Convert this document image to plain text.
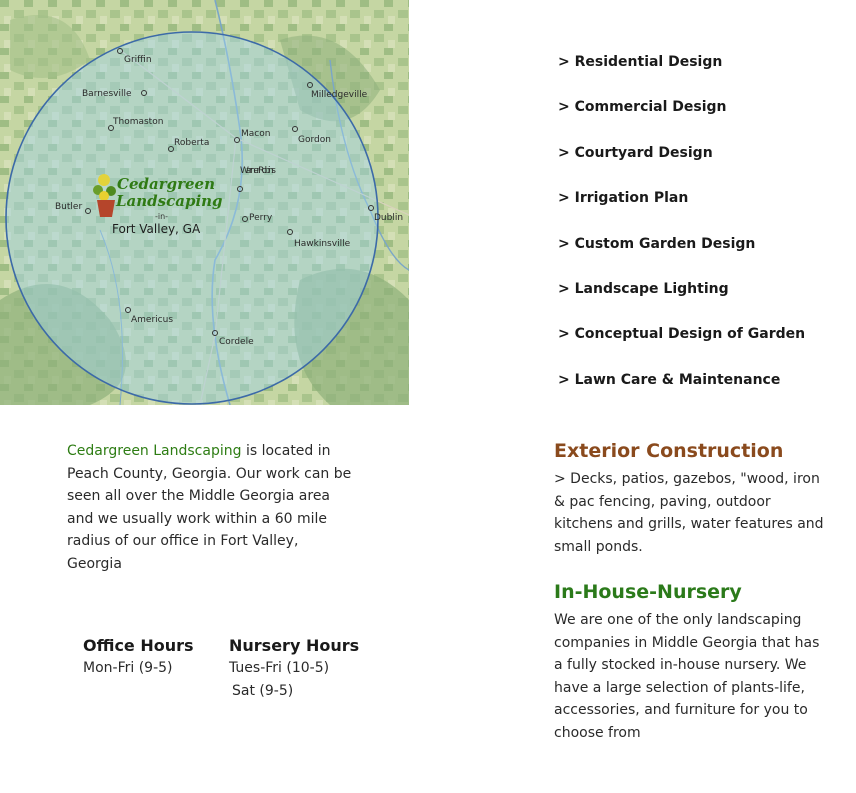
Griffin
Barnesville
Thomaston
Roberta
Macon
Gordon
Milledgeville
Warner Robins
Butler
Perry	Dublin
Hawkinsville
Americus
Cordele
Cedargreen
Landscaping
-in-
Fort Valley, GA
> Residential Design
> Commercial Design
> Courtyard Design
> Irrigation Plan
> Custom Garden Design
> Landscape Lighting
> Conceptual Design of Garden
> Lawn Care & Maintenance
Cedargreen Landscaping is located in Peach County, Georgia. Our work can be seen all over the Middle Georgia area and we usually work within a 60 mile radius of our office in Fort Valley, Georgia
Office Hours

Mon-Fri (9-5)

Nursery Hours

Tues-Fri (10-5)

Sat (9-5)

Exterior Construction

> Decks, patios, gazebos, "wood, iron & pac fencing, paving, outdoor kitchens and grills, water features and small ponds.

In-House-Nursery

We are one of the only landscaping companies in Middle Georgia that has a fully stocked in-house nursery. We have a large selection of plants-life, accessories, and furniture for you to choose from
